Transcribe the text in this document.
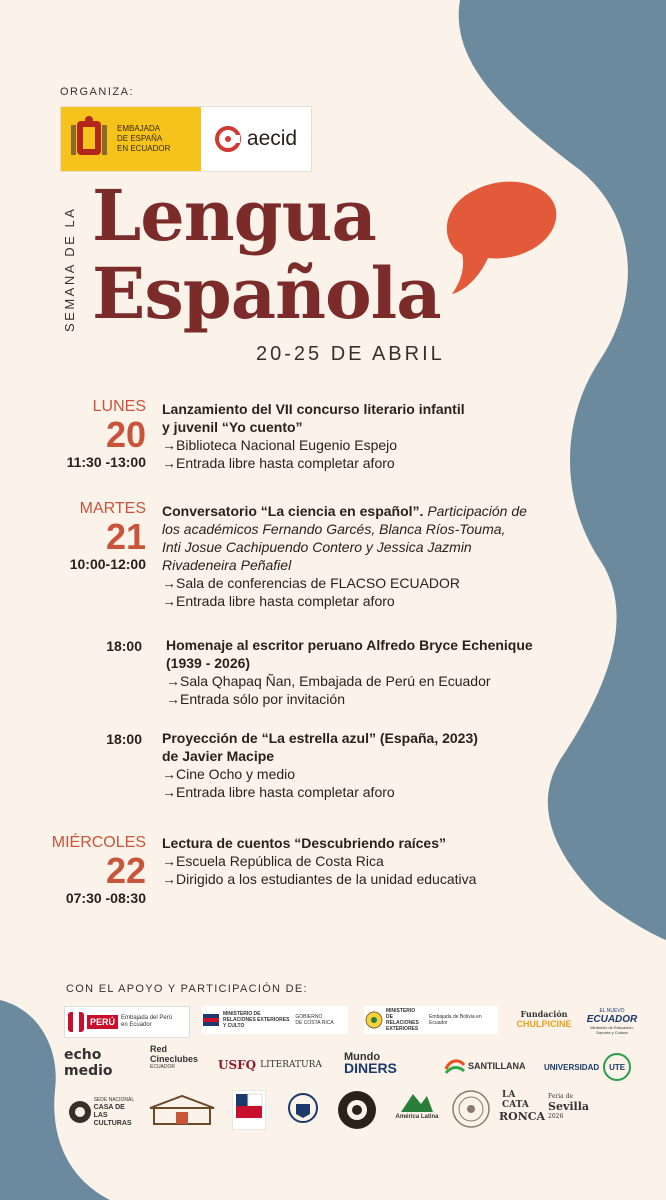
ORGANIZA:
EMBAJADA
DE ESPAÑA
EN ECUADOR	aecid
SEMANA DE LA Lengua
Española
20-25 DE ABRIL
LUNES
20
11:30 -13:00
Lanzamiento del VII concurso literario infantil
y juvenil “Yo cuento”
→Biblioteca Nacional Eugenio Espejo
→Entrada libre hasta completar aforo
MARTES
21
10:00-12:00
Conversatorio “La ciencia en español”. Participación de
los académicos Fernando Garcés, Blanca Ríos-Touma,
Inti Josue Cachipuendo Contero y Jessica Jazmin
Rivadeneira Peñafiel
→Sala de conferencias de FLACSO ECUADOR
→Entrada libre hasta completar aforo
18:00 Homenaje al escritor peruano Alfredo Bryce Echenique
(1939 - 2026)
→Sala Qhapaq Ñan, Embajada de Perú en Ecuador
→Entrada sólo por invitación
18:00 Proyección de “La estrella azul” (España, 2023)
de Javier Macipe
→Cine Ocho y medio
→Entrada libre hasta completar aforo
MIÉRCOLES
22
07:30 -08:30
Lectura de cuentos “Descubriendo raíces”
→Escuela República de Costa Rica
→Dirigido a los estudiantes de la unidad educativa
CON EL APOYO Y PARTICIPACIÓN DE:
PERÚ	Embajada del Perú
en Ecuador
MINISTERIO DE
RELACIONES EXTERIORES
Y CULTO
GOBIERNO
DE COSTA RICA
MINISTERIO
DE RELACIONES
EXTERIORES
Embajada de Bolivia en Ecuador
Fundación
CHULPICINE
EL NUEVO
ECUADOR
Ministerio de Educación,
Deporte y Cultura
echo medio
Red
Cineclubes
ECUADOR	USFQ LITERATURA
Mundo
DINERS	SANTILLANA UNIVERSIDAD	UTE
SEDE NACIONAL
CASA DE LAS
CULTURAS
América Latina
LA CATA
RONCA
Feria de
Sevilla
2026
